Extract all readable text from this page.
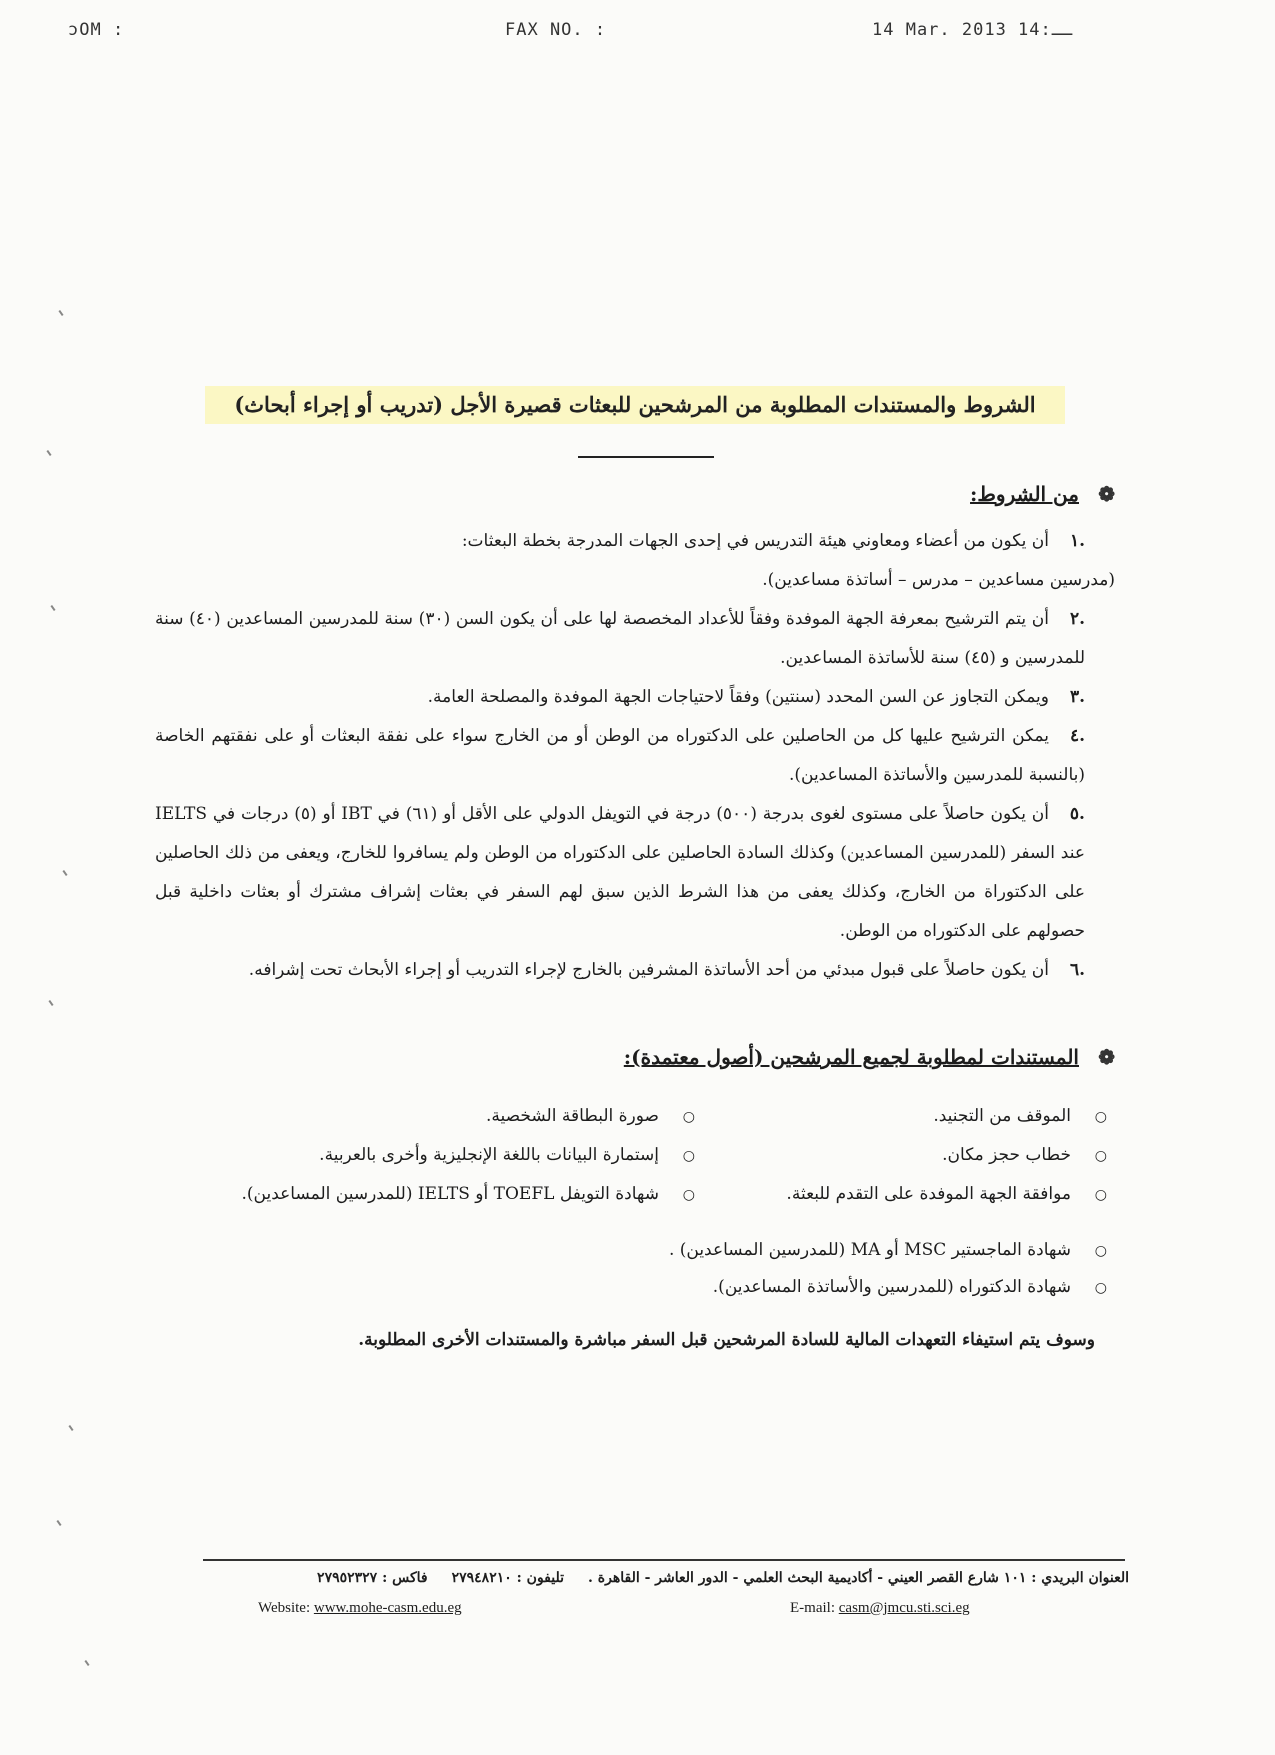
ɔOM :	FAX NO. :	14 Mar. 2013 14:ــ
الشروط والمستندات المطلوبة من المرشحين للبعثات قصيرة الأجل (تدريب أو إجراء أبحاث)
❁من الشروط:
.١أن يكون من أعضاء ومعاوني هيئة التدريس في إحدى الجهات المدرجة بخطة البعثات:
(مدرسين مساعدين – مدرس – أساتذة مساعدين).
.٢أن يتم الترشيح بمعرفة الجهة الموفدة وفقاً للأعداد المخصصة لها على أن يكون السن (٣٠) سنة للمدرسين المساعدين (٤٠) سنة للمدرسين و (٤٥) سنة للأساتذة المساعدين.
.٣ويمكن التجاوز عن السن المحدد (سنتين) وفقاً لاحتياجات الجهة الموفدة والمصلحة العامة.
.٤يمكن الترشيح عليها كل من الحاصلين على الدكتوراه من الوطن أو من الخارج سواء على نفقة البعثات أو على نفقتهم الخاصة (بالنسبة للمدرسين والأساتذة المساعدين).
.٥أن يكون حاصلاً على مستوى لغوى بدرجة (٥٠٠) درجة في التويفل الدولي على الأقل أو (٦١) في IBT أو (٥) درجات في IELTS عند السفر (للمدرسين المساعدين) وكذلك السادة الحاصلين على الدكتوراه من الوطن ولم يسافروا للخارج، ويعفى من ذلك الحاصلين على الدكتوراة من الخارج، وكذلك يعفى من هذا الشرط الذين سبق لهم السفر في بعثات إشراف مشترك أو بعثات داخلية قبل حصولهم على الدكتوراه من الوطن.
.٦أن يكون حاصلاً على قبول مبدئي من أحد الأساتذة المشرفين بالخارج لإجراء التدريب أو إجراء الأبحاث تحت إشرافه.
❁المستندات لمطلوبة لجميع المرشحين (أصول معتمدة):
○الموقف من التجنيد.
○خطاب حجز مكان.
○موافقة الجهة الموفدة على التقدم للبعثة.
○صورة البطاقة الشخصية.
○إستمارة البيانات باللغة الإنجليزية وأخرى بالعربية.
○شهادة التويفل TOEFL أو IELTS (للمدرسين المساعدين).
○شهادة الماجستير MSC أو MA (للمدرسين المساعدين) .
○شهادة الدكتوراه (للمدرسين والأساتذة المساعدين).
وسوف يتم استيفاء التعهدات المالية للسادة المرشحين قبل السفر مباشرة والمستندات الأخرى المطلوبة.
العنوان البريدي : ١٠١ شارع القصر العيني - أكاديمية البحث العلمي - الدور العاشر - القاهرة .تليفون : ٢٧٩٤٨٢١٠فاكس : ٢٧٩٥٢٣٢٧
Website: www.mohe-casm.edu.eg	E-mail: casm@jmcu.sti.sci.eg
